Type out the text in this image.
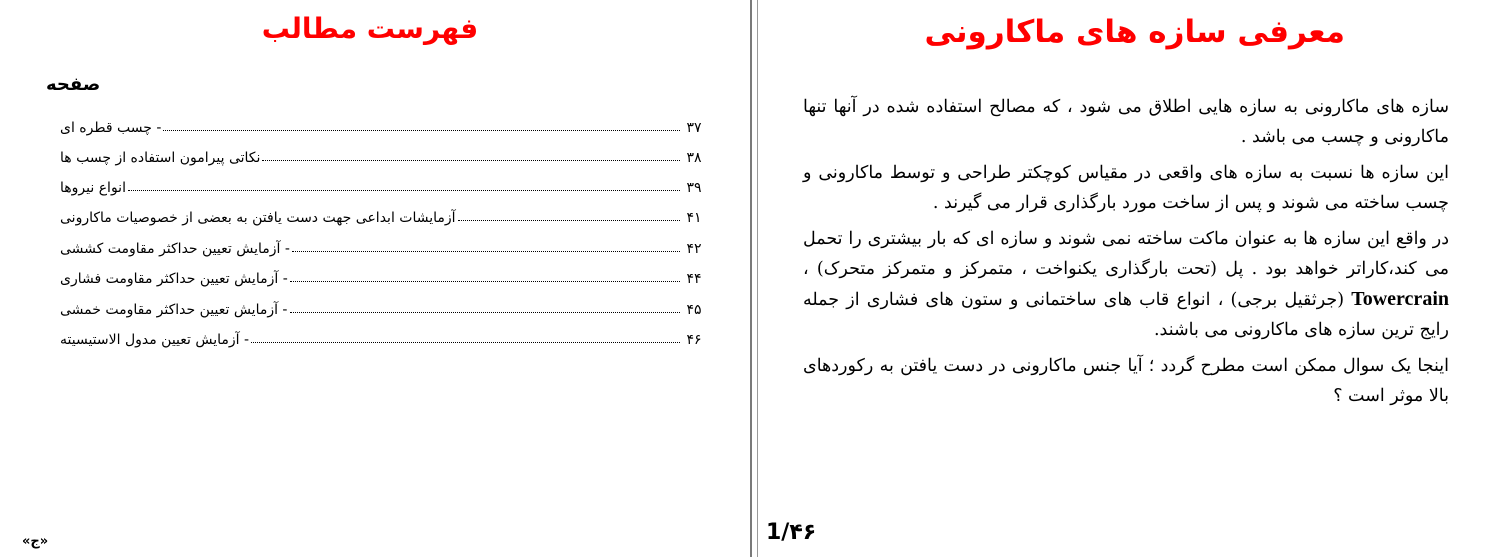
فهرست مطالب
صفحه
- چسب قطره ای	۳۷
نکاتی پیرامون استفاده از چسب ها	۳۸
انواع نیروها	۳۹
آزمایشات ابداعی جهت دست یافتن به بعضی از خصوصیات ماکارونی	۴۱
- آزمایش تعیین حداکثر مقاومت کششی	۴۲
- آزمایش تعیین حداکثر مقاومت فشاری	۴۴
- آزمایش تعیین حداکثر مقاومت خمشی	۴۵
- آزمایش تعیین مدول الاستیسیته	۴۶
«ج»
معرفی سازه های ماکارونی

سازه های ماکارونی به سازه هایی اطلاق می شود ، که مصالح استفاده شده در آنها تنها ماکارونی و چسب می باشد .

این سازه ها نسبت به سازه های واقعی در مقیاس کوچکتر طراحی و توسط ماکارونی و چسب ساخته می شوند و پس از ساخت مورد بارگذاری قرار می گیرند .

در واقع این سازه ها به عنوان ماکت ساخته نمی شوند و سازه ای که بار بیشتری را تحمل می کند،کاراتر خواهد بود . پل (تحت بارگذاری یکنواخت ، متمرکز و متمرکز متحرک) ، Towercrain (جرثقیل برجی) ، انواع قاب های ساختمانی و ستون های فشاری از جمله رایج ترین سازه های ماکارونی می باشند.

اینجا یک سوال ممکن است مطرح گردد ؛ آیا جنس ماکارونی در دست یافتن به رکوردهای بالا موثر است ؟

1/۴۶
